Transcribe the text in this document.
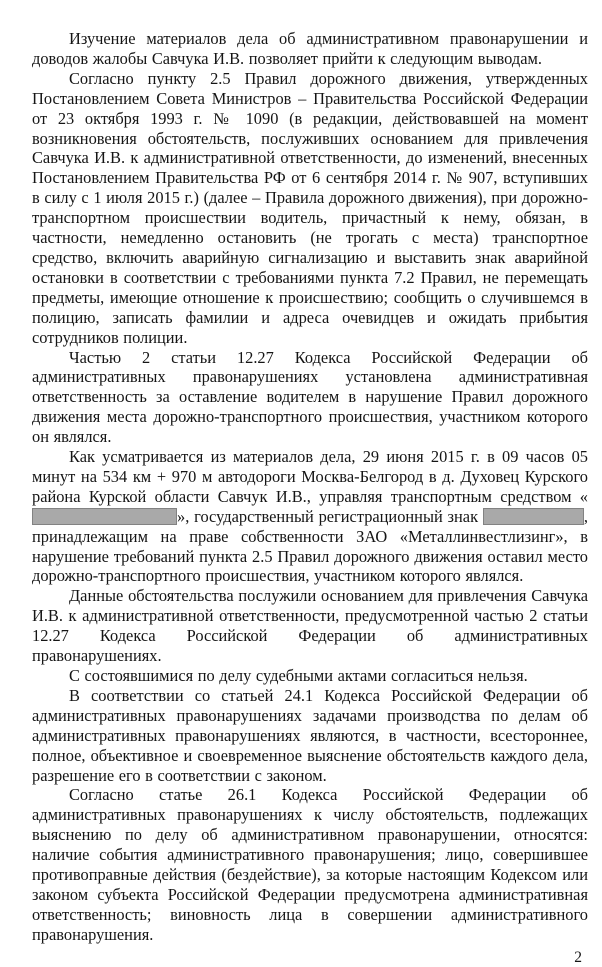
Изучение материалов дела об административном правонарушении и доводов жалобы Савчука И.В. позволяет прийти к следующим выводам.

Согласно пункту 2.5 Правил дорожного движения, утвержденных Постановлением Совета Министров – Правительства Российской Федерации от 23 октября 1993 г. № 1090 (в редакции, действовавшей на момент возникновения обстоятельств, послуживших основанием для привлечения Савчука И.В. к административной ответственности, до изменений, внесенных Постановлением Правительства РФ от 6 сентября 2014 г. № 907, вступивших в силу с 1 июля 2015 г.) (далее – Правила дорожного движения), при дорожно-транспортном происшествии водитель, причастный к нему, обязан, в частности, немедленно остановить (не трогать с места) транспортное средство, включить аварийную сигнализацию и выставить знак аварийной остановки в соответствии с требованиями пункта 7.2 Правил, не перемещать предметы, имеющие отношение к происшествию; сообщить о случившемся в полицию, записать фамилии и адреса очевидцев и ожидать прибытия сотрудников полиции.

Частью 2 статьи 12.27 Кодекса Российской Федерации об административных правонарушениях установлена административная ответственность за оставление водителем в нарушение Правил дорожного движения места дорожно-транспортного происшествия, участником которого он являлся.

Как усматривается из материалов дела, 29 июня 2015 г. в 09 часов 05 минут на 534 км + 970 м автодороги Москва-Белгород в д. Духовец Курского района Курской области Савчук И.В., управляя транспортным средством «», государственный регистрационный знак	, принадлежащим на праве собственности ЗАО «Металлинвестлизинг», в нарушение требований пункта 2.5 Правил дорожного движения оставил место дорожно-транспортного происшествия, участником которого являлся.

Данные обстоятельства послужили основанием для привлечения Савчука И.В. к административной ответственности, предусмотренной частью 2 статьи 12.27 Кодекса Российской Федерации об административных правонарушениях.

С состоявшимися по делу судебными актами согласиться нельзя.

В соответствии со статьей 24.1 Кодекса Российской Федерации об административных правонарушениях задачами производства по делам об административных правонарушениях являются, в частности, всестороннее, полное, объективное и своевременное выяснение обстоятельств каждого дела, разрешение его в соответствии с законом.

Согласно статье 26.1 Кодекса Российской Федерации об административных правонарушениях к числу обстоятельств, подлежащих выяснению по делу об административном правонарушении, относятся: наличие события административного правонарушения; лицо, совершившее противоправные действия (бездействие), за которые настоящим Кодексом или законом субъекта Российской Федерации предусмотрена административная ответственность; виновность лица в совершении административного правонарушения.

2
